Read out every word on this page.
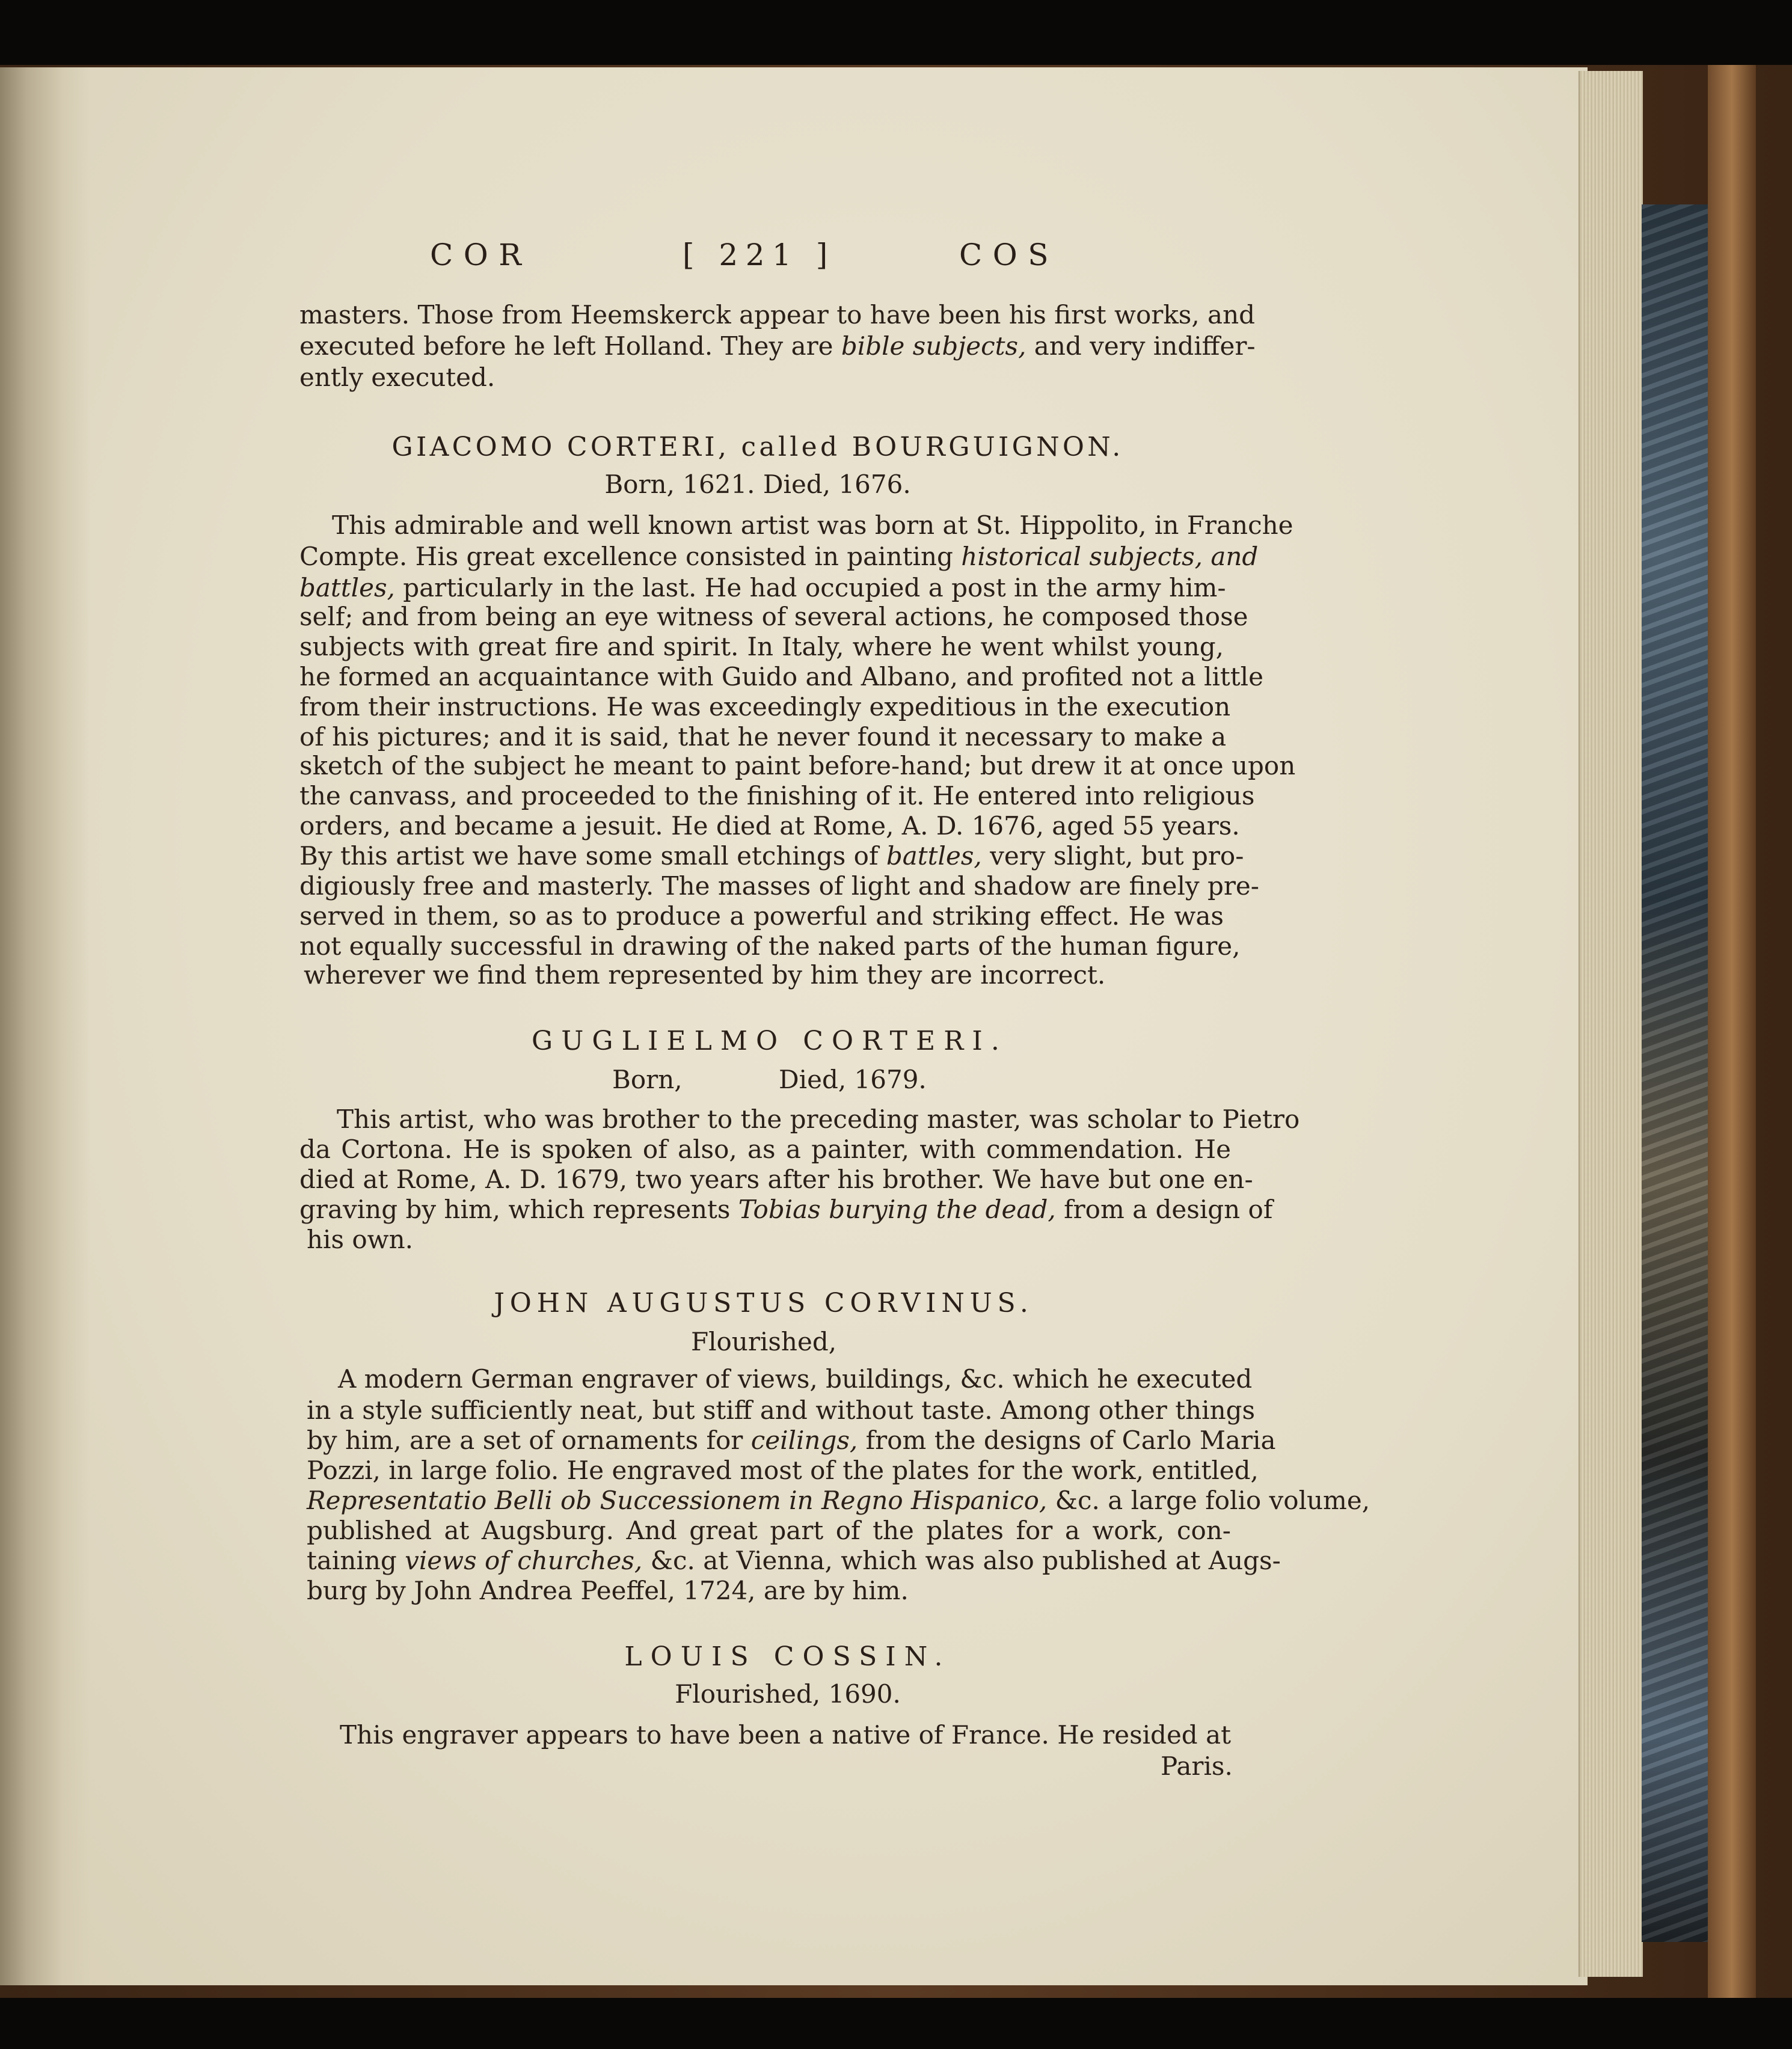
COR	[ 221 ]	COS

masters. Those from Heemskerck appear to have been his first works, and

executed before he left Holland. They are bible subjects, and very indiffer-

ently executed.

GIACOMO CORTERI, called BOURGUIGNON.

Born, 1621. Died, 1676.

This admirable and well known artist was born at St. Hippolito, in Franche

Compte. His great excellence consisted in painting historical subjects, and

battles, particularly in the last. He had occupied a post in the army him-

self; and from being an eye witness of several actions, he composed those

subjects with great fire and spirit. In Italy, where he went whilst young,

he formed an acquaintance with Guido and Albano, and profited not a little

from their instructions. He was exceedingly expeditious in the execution

of his pictures; and it is said, that he never found it necessary to make a

sketch of the subject he meant to paint before-hand; but drew it at once upon

the canvass, and proceeded to the finishing of it. He entered into religious

orders, and became a jesuit. He died at Rome, A. D. 1676, aged 55 years.

By this artist we have some small etchings of battles, very slight, but pro-

digiously free and masterly. The masses of light and shadow are finely pre-

served in them, so as to produce a powerful and striking effect. He was

not equally successful in drawing of the naked parts of the human figure,

wherever we find them represented by him they are incorrect.

GUGLIELMO CORTERI.

Born,	Died, 1679.

This artist, who was brother to the preceding master, was scholar to Pietro

da Cortona. He is spoken of also, as a painter, with commendation. He

died at Rome, A. D. 1679, two years after his brother. We have but one en-

graving by him, which represents Tobias burying the dead, from a design of

his own.

JOHN AUGUSTUS CORVINUS.

Flourished,

A modern German engraver of views, buildings, &c. which he executed

in a style sufficiently neat, but stiff and without taste. Among other things

by him, are a set of ornaments for ceilings, from the designs of Carlo Maria

Pozzi, in large folio. He engraved most of the plates for the work, entitled,

Representatio Belli ob Successionem in Regno Hispanico, &c. a large folio volume,

published at Augsburg. And great part of the plates for a work, con-

taining views of churches, &c. at Vienna, which was also published at Augs-

burg by John Andrea Peeffel, 1724, are by him.

LOUIS COSSIN.

Flourished, 1690.

This engraver appears to have been a native of France. He resided at

Paris.
